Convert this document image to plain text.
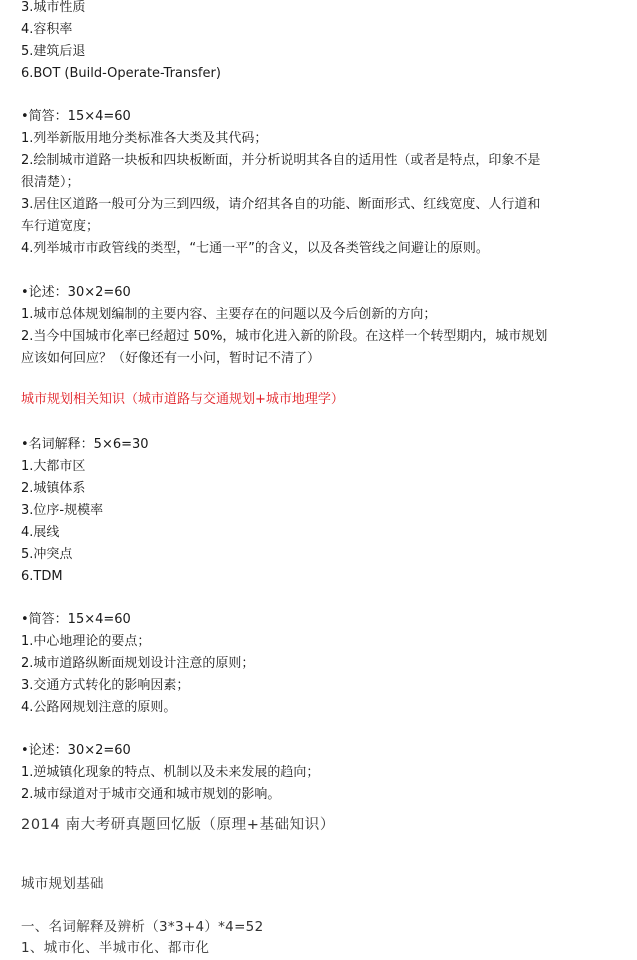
3.城市性质
4.容积率
5.建筑后退
6.BOT (Build-Operate-Transfer)
•简答：15×4=60
1.列举新版用地分类标准各大类及其代码；
2.绘制城市道路一块板和四块板断面，并分析说明其各自的适用性（或者是特点，印象不是
很清楚）；
3.居住区道路一般可分为三到四级，请介绍其各自的功能、断面形式、红线宽度、人行道和
车行道宽度；
4.列举城市市政管线的类型，“七通一平”的含义，以及各类管线之间避让的原则。
•论述：30×2=60
1.城市总体规划编制的主要内容、主要存在的问题以及今后创新的方向；
2.当今中国城市化率已经超过 50%，城市化进入新的阶段。在这样一个转型期内，城市规划
应该如何回应？（好像还有一小问，暂时记不清了）
城市规划相关知识（城市道路与交通规划+城市地理学）
•名词解释：5×6=30
1.大都市区
2.城镇体系
3.位序-规模率
4.展线
5.冲突点
6.TDM
•简答：15×4=60
1.中心地理论的要点；
2.城市道路纵断面规划设计注意的原则；
3.交通方式转化的影响因素；
4.公路网规划注意的原则。
•论述：30×2=60
1.逆城镇化现象的特点、机制以及未来发展的趋向；
2.城市绿道对于城市交通和城市规划的影响。
2014 南大考研真题回忆版（原理+基础知识）
城市规划基础
一、名词解释及辨析（3*3+4）*4=52
1、城市化、半城市化、都市化
